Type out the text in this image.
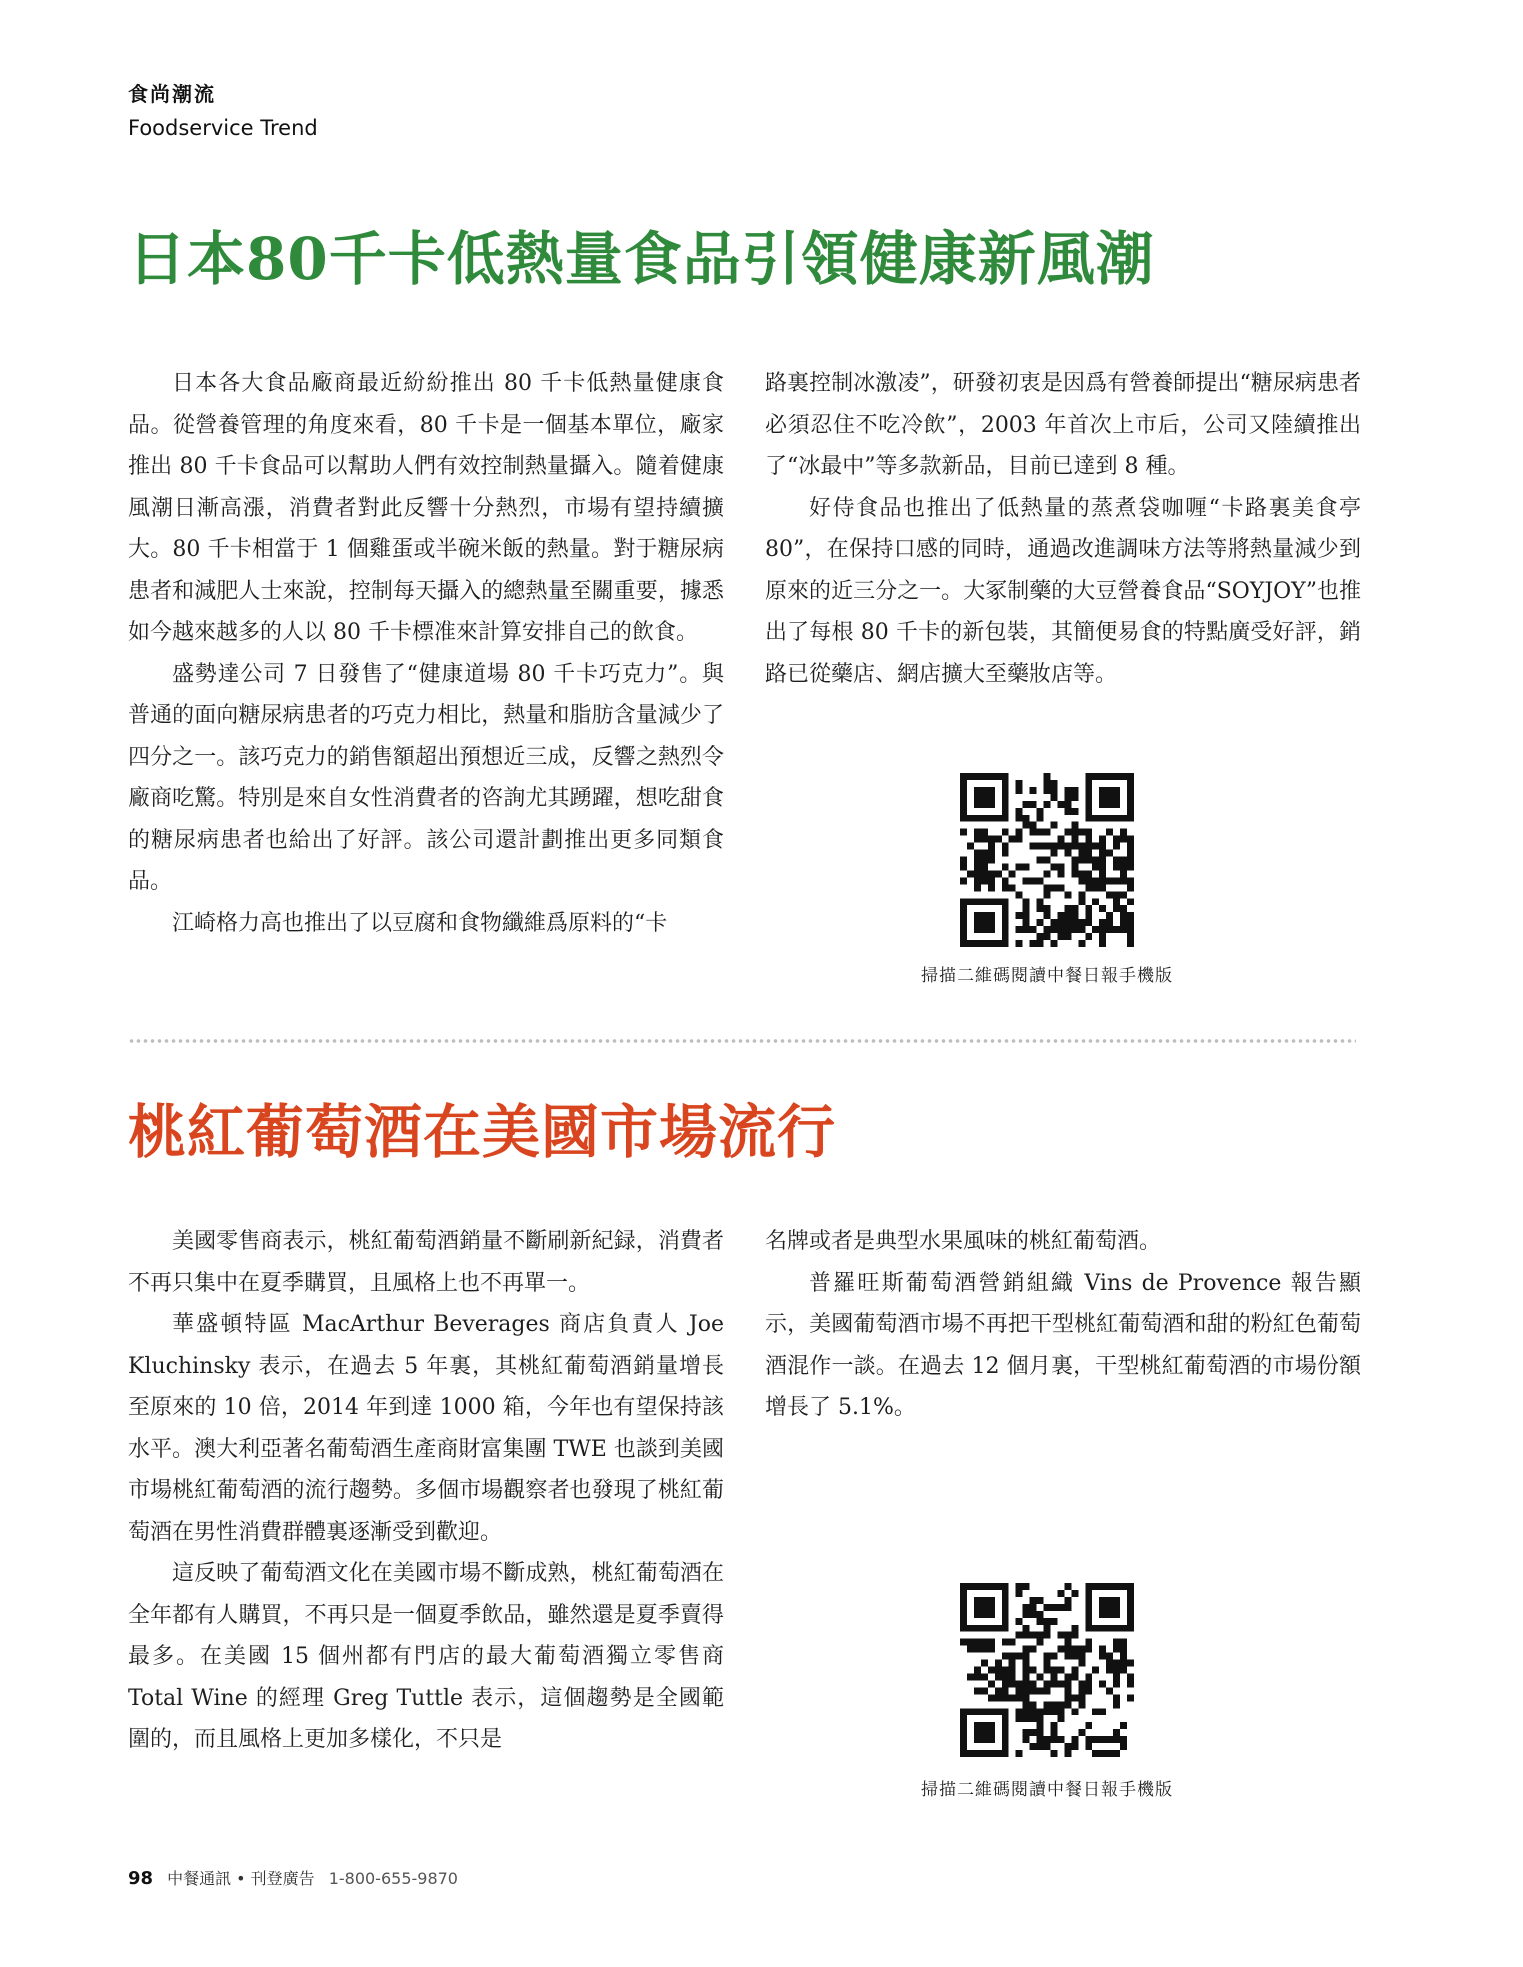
食尚潮流
Foodservice Trend
日本80千卡低熱量食品引領健康新風潮

日本各大食品廠商最近紛紛推出 80 千卡低熱量健康食品。從營養管理的角度來看，80 千卡是一個基本單位，廠家推出 80 千卡食品可以幫助人們有效控制熱量攝入。隨着健康風潮日漸高漲，消費者對此反響十分熱烈，市場有望持續擴大。80 千卡相當于 1 個雞蛋或半碗米飯的熱量。對于糖尿病患者和減肥人士來說，控制每天攝入的總熱量至關重要，據悉如今越來越多的人以 80 千卡標准來計算安排自己的飲食。

盛勢達公司 7 日發售了“健康道場 80 千卡巧克力”。與普通的面向糖尿病患者的巧克力相比，熱量和脂肪含量減少了四分之一。該巧克力的銷售額超出預想近三成，反響之熱烈令廠商吃驚。特別是來自女性消費者的咨詢尤其踴躍，想吃甜食的糖尿病患者也給出了好評。該公司還計劃推出更多同類食品。

江崎格力高也推出了以豆腐和食物纖維爲原料的“卡

路裏控制冰激凌”，研發初衷是因爲有營養師提出“糖尿病患者必須忍住不吃冷飲”，2003 年首次上市后，公司又陸續推出了“冰最中”等多款新品，目前已達到 8 種。

好侍食品也推出了低熱量的蒸煮袋咖喱“卡路裏美食亭 80”，在保持口感的同時，通過改進調味方法等將熱量減少到原來的近三分之一。大冢制藥的大豆營養食品“SOYJOY”也推出了每根 80 千卡的新包裝，其簡便易食的特點廣受好評，銷路已從藥店、網店擴大至藥妝店等。

掃描二維碼閱讀中餐日報手機版
桃紅葡萄酒在美國市場流行

美國零售商表示，桃紅葡萄酒銷量不斷刷新紀録，消費者不再只集中在夏季購買，且風格上也不再單一。

華盛頓特區 MacArthur Beverages 商店負責人 Joe Kluchinsky 表示，在過去 5 年裏，其桃紅葡萄酒銷量增長至原來的 10 倍，2014 年到達 1000 箱，今年也有望保持該水平。澳大利亞著名葡萄酒生產商財富集團 TWE 也談到美國市場桃紅葡萄酒的流行趨勢。多個市場觀察者也發現了桃紅葡萄酒在男性消費群體裏逐漸受到歡迎。

這反映了葡萄酒文化在美國市場不斷成熟，桃紅葡萄酒在全年都有人購買，不再只是一個夏季飲品，雖然還是夏季賣得最多。在美國 15 個州都有門店的最大葡萄酒獨立零售商 Total Wine 的經理 Greg Tuttle 表示，這個趨勢是全國範圍的，而且風格上更加多樣化，不只是

名牌或者是典型水果風味的桃紅葡萄酒。

普羅旺斯葡萄酒營銷組織 Vins de Provence 報告顯示，美國葡萄酒市場不再把干型桃紅葡萄酒和甜的粉紅色葡萄酒混作一談。在過去 12 個月裏，干型桃紅葡萄酒的市場份額增長了 5.1%。

掃描二維碼閱讀中餐日報手機版
98 中餐通訊 • 刊登廣告 1-800-655-9870
